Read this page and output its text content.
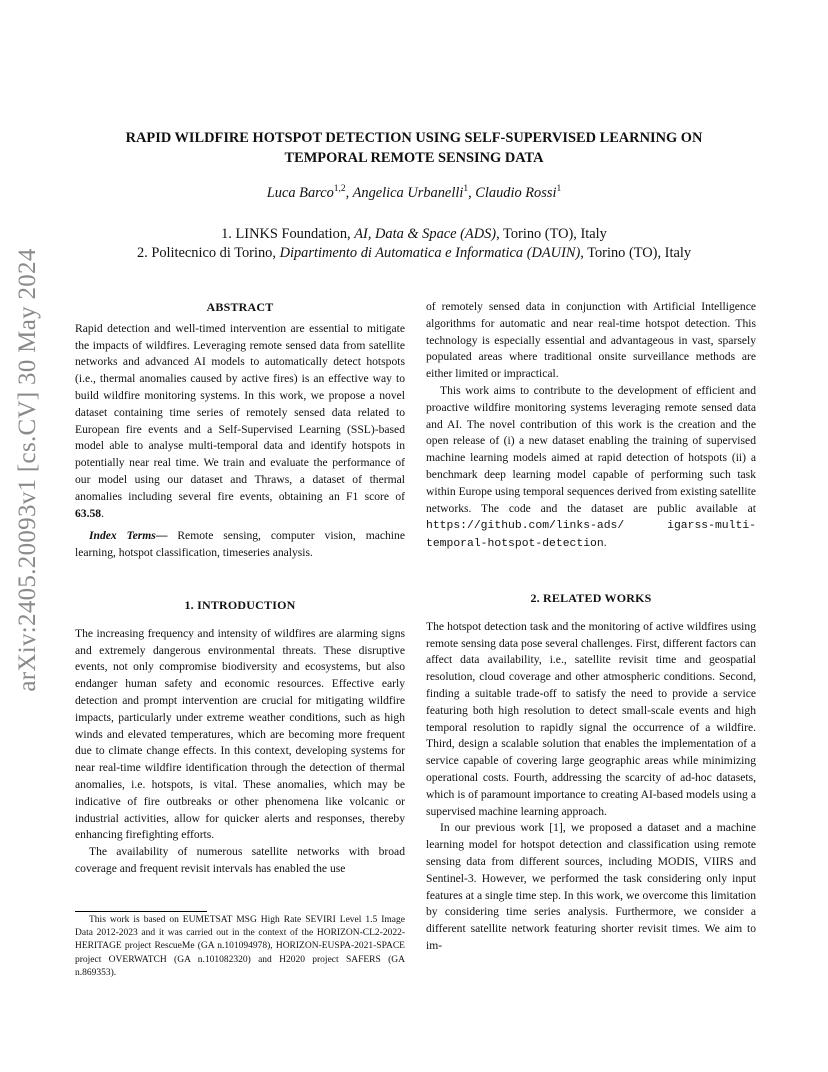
arXiv:2405.20093v1 [cs.CV] 30 May 2024
RAPID WILDFIRE HOTSPOT DETECTION USING SELF-SUPERVISED LEARNING ON
TEMPORAL REMOTE SENSING DATA
Luca Barco$^{1,2}$, Angelica Urbanelli$^1$, Claudio Rossi$^1$
1. LINKS Foundation, AI, Data & Space (ADS), Torino (TO), Italy
2. Politecnico di Torino, Dipartimento di Automatica e Informatica (DAUIN), Torino (TO), Italy
ABSTRACT

Rapid detection and well-timed intervention are essential to mitigate the impacts of wildfires. Leveraging remote sensed data from satellite networks and advanced AI models to automatically detect hotspots (i.e., thermal anomalies caused by active fires) is an effective way to build wildfire monitoring systems. In this work, we propose a novel dataset containing time series of remotely sensed data related to European fire events and a Self-Supervised Learning (SSL)-based model able to analyse multi-temporal data and identify hotspots in potentially near real time. We train and evaluate the performance of our model using our dataset and Thraws, a dataset of thermal anomalies including several fire events, obtaining an F1 score of 63.58.

Index Terms— Remote sensing, computer vision, machine learning, hotspot classification, timeseries analysis.

1. INTRODUCTION

The increasing frequency and intensity of wildfires are alarming signs and extremely dangerous environmental threats. These disruptive events, not only compromise biodiversity and ecosystems, but also endanger human safety and economic resources. Effective early detection and prompt intervention are crucial for mitigating wildfire impacts, particularly under extreme weather conditions, such as high winds and elevated temperatures, which are becoming more frequent due to climate change effects. In this context, developing systems for near real-time wildfire identification through the detection of thermal anomalies, i.e. hotspots, is vital. These anomalies, which may be indicative of fire outbreaks or other phenomena like volcanic or industrial activities, allow for quicker alerts and responses, thereby enhancing firefighting efforts.

The availability of numerous satellite networks with broad coverage and frequent revisit intervals has enabled the use

This work is based on EUMETSAT MSG High Rate SEVIRI Level 1.5 Image Data 2012-2023 and it was carried out in the context of the HORIZON-CL2-2022-HERITAGE project RescueMe (GA n.101094978), HORIZON-EUSPA-2021-SPACE project OVERWATCH (GA n.101082320) and H2020 project SAFERS (GA n.869353).

of remotely sensed data in conjunction with Artificial Intelligence algorithms for automatic and near real-time hotspot detection. This technology is especially essential and advantageous in vast, sparsely populated areas where traditional onsite surveillance methods are either limited or impractical.

This work aims to contribute to the development of efficient and proactive wildfire monitoring systems leveraging remote sensed data and AI. The novel contribution of this work is the creation and the open release of (i) a new dataset enabling the training of supervised machine learning models aimed at rapid detection of hotspots (ii) a benchmark deep learning model capable of performing such task within Europe using temporal sequences derived from existing satellite networks. The code and the dataset are public available at https://github.com/links-ads/	igarss-multi-temporal-hotspot-detection.

2. RELATED WORKS

The hotspot detection task and the monitoring of active wildfires using remote sensing data pose several challenges. First, different factors can affect data availability, i.e., satellite revisit time and geospatial resolution, cloud coverage and other atmospheric conditions. Second, finding a suitable trade-off to satisfy the need to provide a service featuring both high resolution to detect small-scale events and high temporal resolution to rapidly signal the occurrence of a wildfire. Third, design a scalable solution that enables the implementation of a service capable of covering large geographic areas while minimizing operational costs. Fourth, addressing the scarcity of ad-hoc datasets, which is of paramount importance to creating AI-based models using a supervised machine learning approach.

In our previous work [1], we proposed a dataset and a machine learning model for hotspot detection and classification using remote sensing data from different sources, including MODIS, VIIRS and Sentinel-3. However, we performed the task considering only input features at a single time step. In this work, we overcome this limitation by considering time series analysis. Furthermore, we consider a different satellite network featuring shorter revisit times. We aim to im-
